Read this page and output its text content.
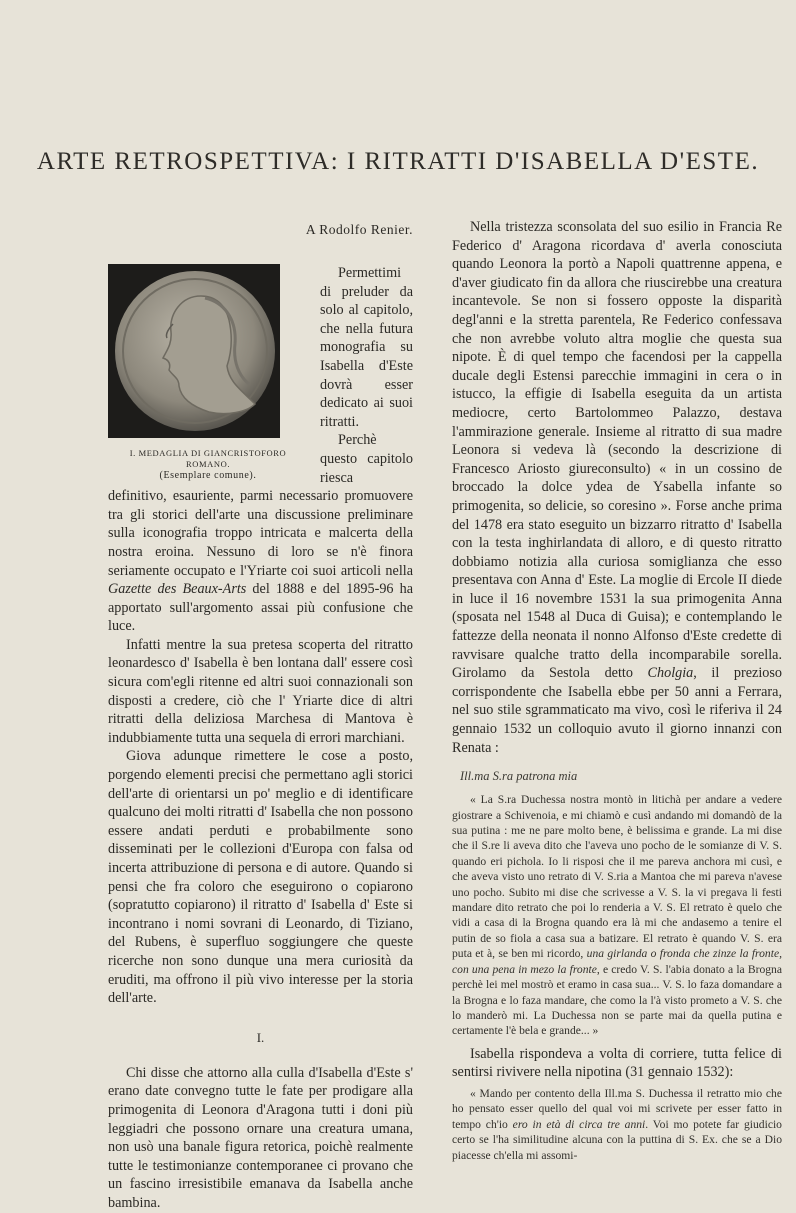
ARTE RETROSPETTIVA: I RITRATTI D'ISABELLA D'ESTE.
A Rodolfo Renier.
I. MEDAGLIA DI GIANCRISTOFORO
ROMANO.
(Esemplare comune).

Permettimi di preluder da solo al capitolo, che nella futura monografia su Isabella d'Este dovrà esser dedicato ai suoi ritratti.

Perchè questo capitolo riesca definitivo, esauriente, parmi necessario promuovere tra gli storici dell'arte una discussione preliminare sulla iconografia troppo intricata e malcerta della nostra eroina. Nessuno di loro se n'è finora seriamente occupato e l'Yriarte coi suoi articoli nella Gazette des Beaux-Arts del 1888 e del 1895-96 ha apportato sull'argomento assai più confusione che luce.

Infatti mentre la sua pretesa scoperta del ritratto leonardesco d' Isabella è ben lontana dall' essere così sicura com'egli ritenne ed altri suoi connazionali son disposti a credere, ciò che l' Yriarte dice di altri ritratti della deliziosa Marchesa di Mantova è indubbiamente tutta una sequela di errori marchiani.

Giova adunque rimettere le cose a posto, porgendo elementi precisi che permettano agli storici dell'arte di orientarsi un po' meglio e di identificare qualcuno dei molti ritratti d' Isabella che non possono essere andati perduti e probabilmente sono disseminati per le collezioni d'Europa con falsa od incerta attribuzione di persona e di autore. Quando si pensi che fra coloro che eseguirono o copiarono (sopratutto copiarono) il ritratto d' Isabella d' Este si incontrano i nomi sovrani di Leonardo, di Tiziano, del Rubens, è superfluo soggiungere che queste ricerche non sono dunque una mera curiosità da eruditi, ma offrono il più vivo interesse per la storia dell'arte.

I.

Chi disse che attorno alla culla d'Isabella d'Este s' erano date convegno tutte le fate per prodigare alla primogenita di Leonora d'Aragona tutti i doni più leggiadri che possono ornare una creatura umana, non usò una banale figura retorica, poichè realmente tutte le testimonianze contemporanee ci provano che un fascino irresistibile emanava da Isabella anche bambina.

Nella tristezza sconsolata del suo esilio in Francia Re Federico d' Aragona ricordava d' averla conosciuta quando Leonora la portò a Napoli quattrenne appena, e d'aver giudicato fin da allora che riuscirebbe una creatura incantevole. Se non si fossero opposte la disparità degl'anni e la stretta parentela, Re Federico confessava che non avrebbe voluto altra moglie che questa sua nipote. È di quel tempo che facendosi per la cappella ducale degli Estensi parecchie immagini in cera o in istucco, la effigie di Isabella eseguita da un artista mediocre, certo Bartolommeo Palazzo, destava l'ammirazione generale. Insieme al ritratto di sua madre Leonora si vedeva là (secondo la descrizione di Francesco Ariosto giureconsulto) « in un cossino de broccado la dolce ydea de Ysabella infante so primogenita, so delicie, so coresino ». Forse anche prima del 1478 era stato eseguito un bizzarro ritratto d' Isabella con la testa inghirlandata di alloro, e di questo ritratto dobbiamo notizia alla curiosa somiglianza che esso presentava con Anna d' Este. La moglie di Ercole II diede in luce il 16 novembre 1531 la sua primogenita Anna (sposata nel 1548 al Duca di Guisa); e contemplando le fattezze della neonata il nonno Alfonso d'Este credette di ravvisare qualche tratto della incomparabile sorella. Girolamo da Sestola detto Cholgia, il prezioso corrispondente che Isabella ebbe per 50 anni a Ferrara, nel suo stile sgrammaticato ma vivo, così le riferiva il 24 gennaio 1532 un colloquio avuto il giorno innanzi con Renata :

Ill.ma S.ra patrona mia

« La S.ra Duchessa nostra montò in litichà per andare a vedere giostrare a Schivenoia, e mi chiamò e cusì andando mi domandò de la sua putina : me ne pare molto bene, è belissima e grande. La mi dise che il S.re li aveva dito che l'aveva uno pocho de le somianze di V. S. quando eri pichola. Io li risposi che il me pareva anchora mi cusì, e che aveva visto uno retrato di V. S.ria a Mantoa che mi pareva n'avese uno pocho. Subito mi dise che scrivesse a V. S. la vi pregava li festi mandare dito retrato che poi lo renderia a V. S. El retrato è quelo che vidi a casa di la Brogna quando era là mi che andasemo a tenire el putin de so fiola a casa sua a batizare. El retrato è quando V. S. era puta et à, se ben mi ricordo, una girlanda o fronda che zinze la fronte, con una pena in mezo la fronte, e credo V. S. l'abia donato a la Brogna perchè lei mel mostrò et eramo in casa sua... V. S. lo faza domandare a la Brogna e lo faza mandare, che como la l'à visto prometo a V. S. che lo manderò mi. La Duchessa non se parte mai da quella putina e certamente l'è bela e grande... »

Isabella rispondeva a volta di corriere, tutta felice di sentirsi rivivere nella nipotina (31 gennaio 1532):

« Mando per contento della Ill.ma S. Duchessa il retratto mio che ho pensato esser quello del qual voi mi scrivete per esser fatto in tempo ch'io ero in età di circa tre anni. Voi mo potete far giudicio certo se l'ha similitudine alcuna con la puttina di S. Ex. che se a Dio piacesse ch'ella mi assomi-
